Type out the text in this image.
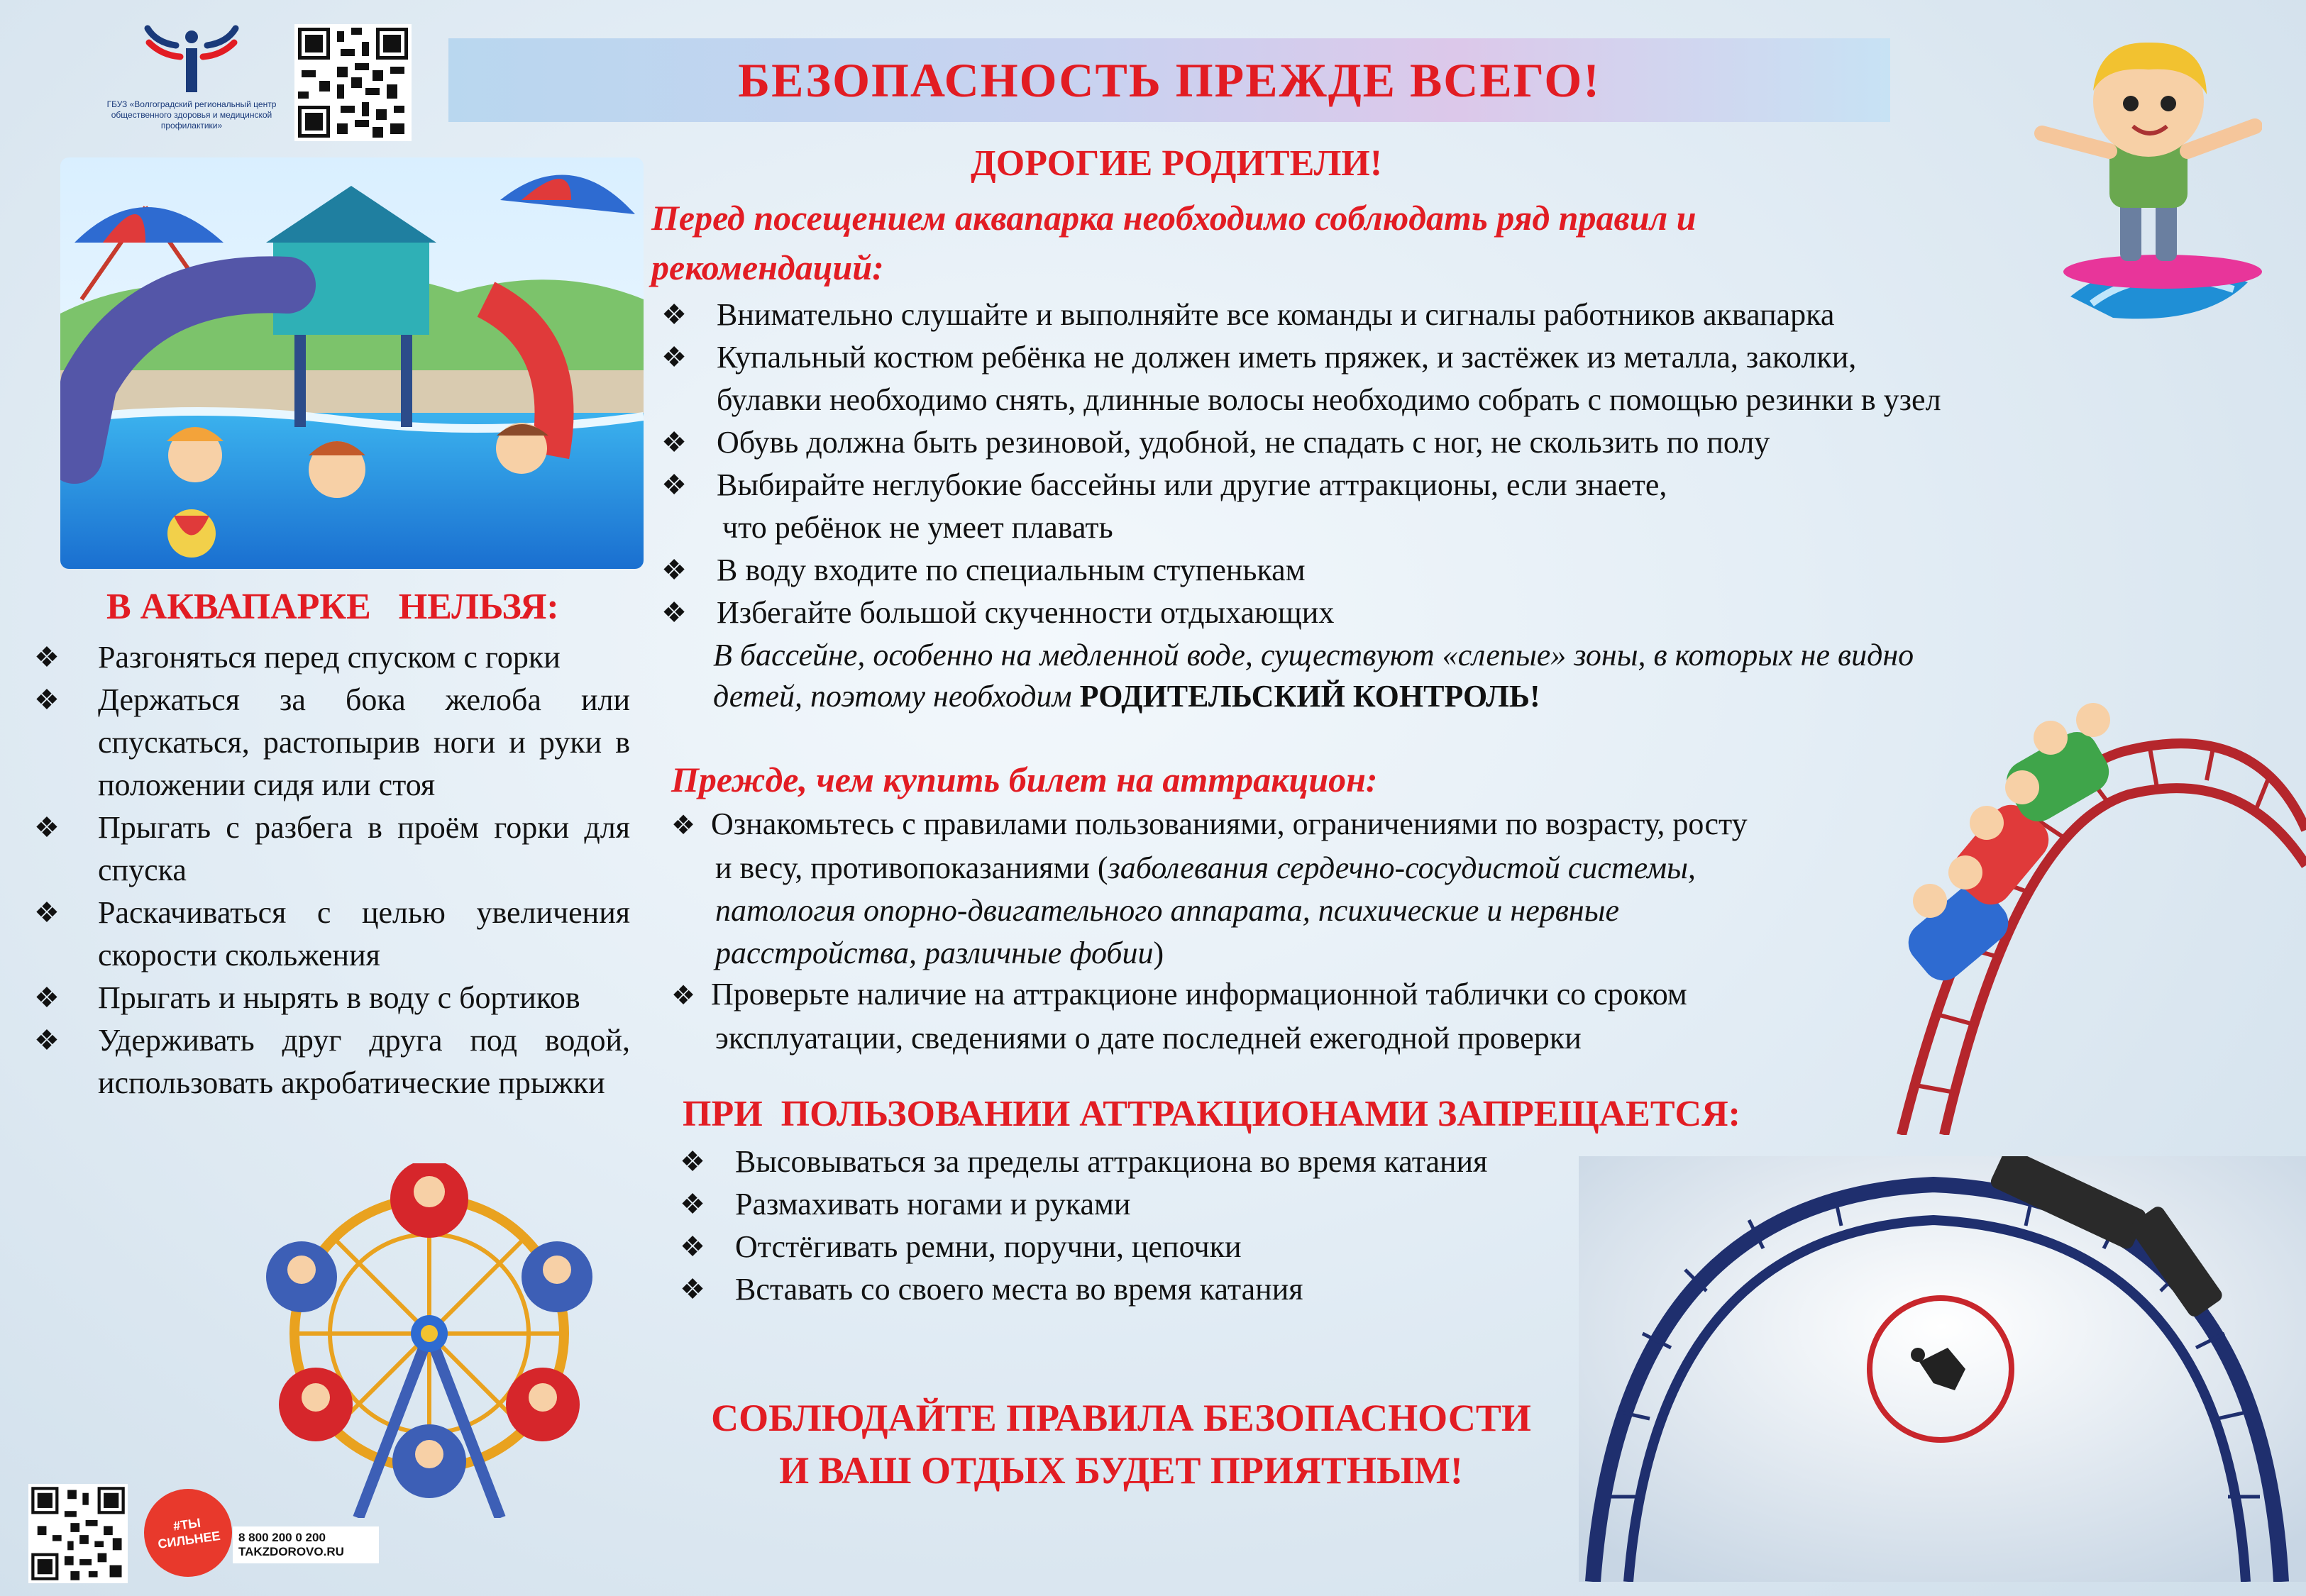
ГБУЗ «Волгоградский региональный центр общественного здоровья и медицинской профилактики»
БЕЗОПАСНОСТЬ ПРЕЖДЕ ВСЕГО!
В АКВАПАРКЕ   НЕЛЬЗЯ:
❖	Разгоняться перед спуском с горки
❖	Держаться за бока желоба или спускаться, растопырив ноги и руки в положении сидя или стоя
❖	Прыгать с разбега в проём горки для спуска
❖	Раскачиваться с целью увеличения скорости скольжения
❖	Прыгать и нырять в воду с бортиков
❖	Удерживать друг друга под водой, использовать акробатические прыжки
ДОРОГИЕ РОДИТЕЛИ!
Перед посещением аквапарка необходимо соблюдать ряд правил и
рекомендаций:
❖ Внимательно слушайте и выполняйте все команды и сигналы работников аквапарка
❖ Купальный костюм ребёнка не должен иметь пряжек, и застёжек из металла, заколки,
булавки необходимо снять, длинные волосы необходимо собрать с помощью резинки в узел
❖ Обувь должна быть резиновой, удобной, не спадать с ног, не скользить по полу
❖ Выбирайте неглубокие бассейны или другие аттракционы, если знаете,
что ребёнок не умеет плавать
❖ В воду входите по специальным ступенькам
❖ Избегайте большой скученности отдыхающих
В бассейне, особенно на медленной воде, существуют «слепые» зоны, в которых не видно
детей, поэтому необходим РОДИТЕЛЬСКИЙ КОНТРОЛЬ!
Прежде, чем купить билет на аттракцион:
❖ Ознакомьтесь с правилами пользованиями, ограничениями по возрасту, росту
и весу, противопоказаниями (заболевания сердечно-сосудистой системы,
патология опорно-двигательного аппарата, психические и нервные
расстройства, различные фобии)
❖ Проверьте наличие на аттракционе информационной таблички со сроком
эксплуатации, сведениями о дате последней ежегодной проверки
ПРИ  ПОЛЬЗОВАНИИ АТТРАКЦИОНАМИ ЗАПРЕЩАЕТСЯ:
❖ Высовываться за пределы аттракциона во время катания
❖ Размахивать ногами и руками
❖ Отстёгивать ремни, поручни, цепочки
❖ Вставать со своего места во время катания
СОБЛЮДАЙТЕ ПРАВИЛА БЕЗОПАСНОСТИ
И ВАШ ОТДЫХ БУДЕТ ПРИЯТНЫМ!
#ТЫ СИЛЬНЕЕ	8 800 200 0 200
TAKZDOROVO.RU
